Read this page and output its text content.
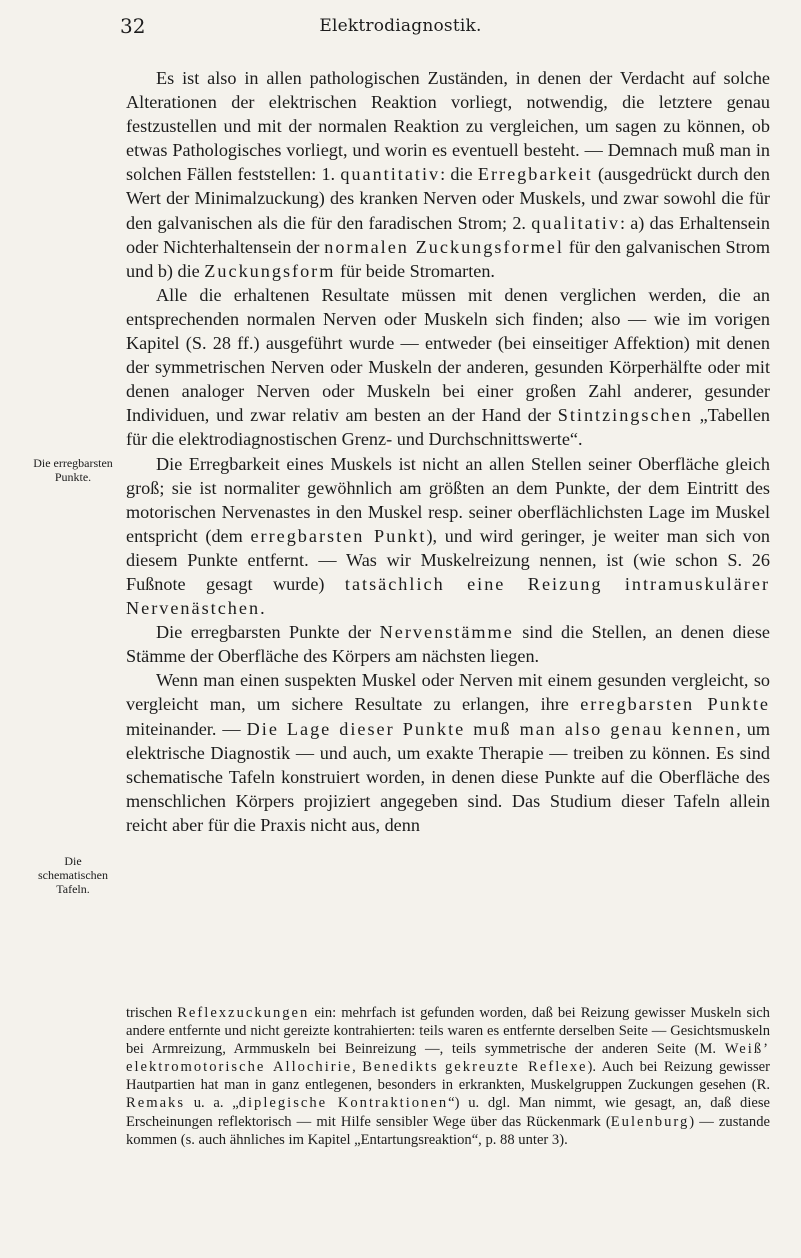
32	Elektrodiagnostik.
Die erregbarsten Punkte.
Die schematischen Tafeln.

Es ist also in allen pathologischen Zuständen, in denen der Verdacht auf solche Alterationen der elektrischen Reaktion vorliegt, notwendig, die letztere genau festzustellen und mit der normalen Reaktion zu vergleichen, um sagen zu können, ob etwas Pathologisches vorliegt, und worin es eventuell besteht. — Demnach muß man in solchen Fällen feststellen: 1. quantitativ: die Erregbarkeit (ausgedrückt durch den Wert der Minimalzuckung) des kranken Nerven oder Muskels, und zwar sowohl die für den galvanischen als die für den faradischen Strom; 2. qualitativ: a) das Erhaltensein oder Nichterhaltensein der normalen Zuckungsformel für den galvanischen Strom und b) die Zuckungsform für beide Stromarten.

Alle die erhaltenen Resultate müssen mit denen verglichen werden, die an entsprechenden normalen Nerven oder Muskeln sich finden; also — wie im vorigen Kapitel (S. 28 ff.) ausgeführt wurde — entweder (bei einseitiger Affektion) mit denen der symmetrischen Nerven oder Muskeln der anderen, gesunden Körperhälfte oder mit denen analoger Nerven oder Muskeln bei einer großen Zahl anderer, gesunder Individuen, und zwar relativ am besten an der Hand der Stintzingschen „Tabellen für die elektrodiagnostischen Grenz- und Durchschnittswerte“.

Die Erregbarkeit eines Muskels ist nicht an allen Stellen seiner Oberfläche gleich groß; sie ist normaliter gewöhnlich am größten an dem Punkte, der dem Eintritt des motorischen Nervenastes in den Muskel resp. seiner oberflächlichsten Lage im Muskel entspricht (dem erregbarsten Punkt), und wird geringer, je weiter man sich von diesem Punkte entfernt. — Was wir Muskelreizung nennen, ist (wie schon S. 26 Fußnote gesagt wurde) tatsächlich eine Reizung intramuskulärer Nervenästchen.

Die erregbarsten Punkte der Nervenstämme sind die Stellen, an denen diese Stämme der Oberfläche des Körpers am nächsten liegen.

Wenn man einen suspekten Muskel oder Nerven mit einem gesunden vergleicht, so vergleicht man, um sichere Resultate zu erlangen, ihre erregbarsten Punkte miteinander. — Die Lage dieser Punkte muß man also genau kennen, um elektrische Diagnostik — und auch, um exakte Therapie — treiben zu können. Es sind schematische Tafeln konstruiert worden, in denen diese Punkte auf die Oberfläche des menschlichen Körpers projiziert angegeben sind. Das Studium dieser Tafeln allein reicht aber für die Praxis nicht aus, denn

trischen Reflexzuckungen ein: mehrfach ist gefunden worden, daß bei Reizung gewisser Muskeln sich andere entfernte und nicht gereizte kontrahierten: teils waren es entfernte derselben Seite — Gesichtsmuskeln bei Armreizung, Armmuskeln bei Beinreizung —, teils symmetrische der anderen Seite (M. Weiß’ elektromotorische Allochirie, Benedikts gekreuzte Reflexe). Auch bei Reizung gewisser Hautpartien hat man in ganz entlegenen, besonders in erkrankten, Muskelgruppen Zuckungen gesehen (R. Remaks u. a. „diplegische Kontraktionen“) u. dgl. Man nimmt, wie gesagt, an, daß diese Erscheinungen reflektorisch — mit Hilfe sensibler Wege über das Rückenmark (Eulenburg) — zustande kommen (s. auch ähnliches im Kapitel „Entartungsreaktion“, p. 88 unter 3).
